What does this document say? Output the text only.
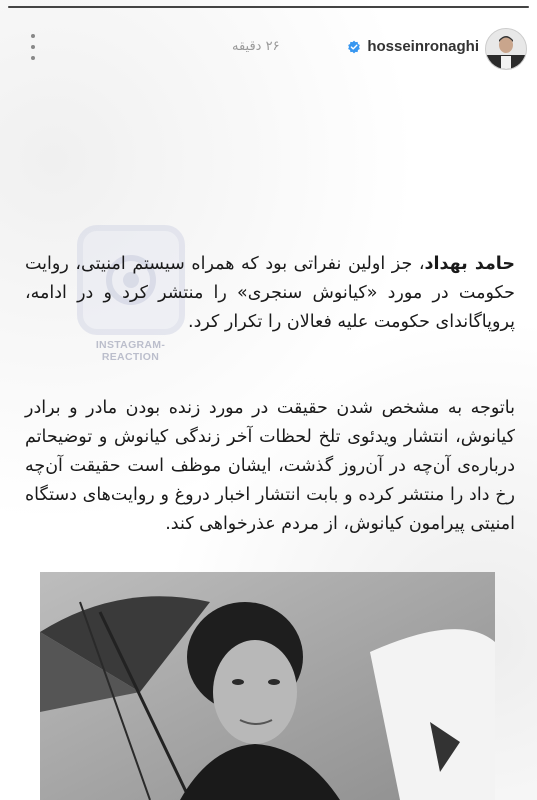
۲۶ دقیقه	hosseinronaghi
INSTAGRAM-REACTION
حامد بهداد، جز اولین نفراتی بود که همراه سیستم امنیتی، روایت حکومت در مورد «کیانوش سنجری» را منتشر کرد و در ادامه، پروپاگاندای حکومت علیه فعالان را تکرار کرد.
باتوجه به مشخص شدن حقیقت در مورد زنده بودن مادر و برادر کیانوش، انتشار ویدئوی تلخ لحظات آخر زندگی کیانوش و توضیحاتم درباره‌ی آن‌چه در آن‌روز گذشت، ایشان موظف است حقیقت آن‌چه رخ داد را منتشر کرده و بابت انتشار اخبار دروغ و روایت‌های دستگاه امنیتی پیرامون کیانوش، از مردم عذرخواهی کند.
